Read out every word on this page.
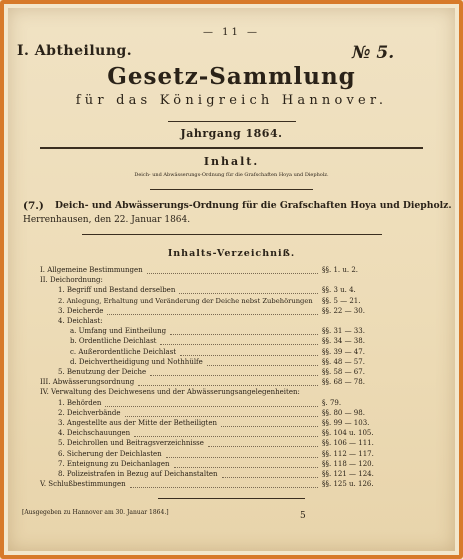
— 11 —
I. Abtheilung.	№ 5.
Gesetz-Sammlung
für das Königreich Hannover.
Jahrgang 1864.
Inhalt.
Deich- und Abwässerungs-Ordnung für die Grafschaften Hoya und Diepholz.
(7.) Deich- und Abwässerungs-Ordnung für die Grafschaften Hoya und Diepholz.
Herrenhausen, den 22. Januar 1864.
Inhalts-Verzeichniß.
I. Allgemeine Bestimmungen	§§. 1. u. 2.
II. Deichordnung:
1. Begriff und Bestand derselben	§§. 3 u. 4.
2. Anlegung, Erhaltung und Veränderung der Deiche nebst Zubehörungen §§. 5 — 21.
3. Deicherde	§§. 22 — 30.
4. Deichlast:
a. Umfang und Eintheilung	§§. 31 — 33.
b. Ordentliche Deichlast	§§. 34 — 38.
c. Außerordentliche Deichlast	§§. 39 — 47.
d. Deichvertheidigung und Nothhülfe	§§. 48 — 57.
5. Benutzung der Deiche	§§. 58 — 67.
III. Abwässerungsordnung	§§. 68 — 78.
IV. Verwaltung des Deichwesens und der Abwässerungsangelegenheiten:
1. Behörden	§. 79.
2. Deichverbände	§§. 80 — 98.
3. Angestellte aus der Mitte der Betheiligten	§§. 99 — 103.
4. Deichschauungen	§§. 104 u. 105.
5. Deichrollen und Beitragsverzeichnisse	§§. 106 — 111.
6. Sicherung der Deichlasten	§§. 112 — 117.
7. Enteignung zu Deichanlagen	§§. 118 — 120.
8. Polizeistrafen in Bezug auf Deichanstalten	§§. 121 — 124.
V. Schlußbestimmungen	§§. 125 u. 126.
[Ausgegeben zu Hannover am 30. Januar 1864.]	5
